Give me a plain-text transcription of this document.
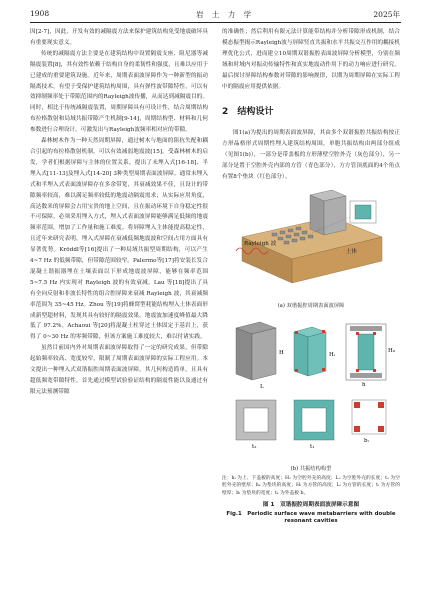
1908	岩 土 力 学	2025年

因[2-7]，因此，开发有效的减隔震方法来保护建筑结构免受地震破坏具有重要现实意义。

传统的减隔震方法主要是在建筑结构中设置隔震支座、阻尼器等减隔震装置[8]，其有效性依赖于结构自身的柔韧性和强度，且难以应用于已建成的重要建筑设施。近年来，周期表面波屏障作为一种新型的振动隔离技术，有望于受保护建筑结构周围，具有弹性波带隙特性，可以有效抑制频率处于带隙范围内的Rayleigh波传播，从而达到减隔震目的。同时，相比于传统减隔震装置，周期屏障具有可设计性，结合周期结构布拉格散射和局域共振带隙产生机制[9-14]，周期结构型、材料和几何参数进行合理设计，可激发出与Rayleigh波频率相对应的带隙。

森林树木作为一种天然周期屏障，通过树木与地面的阻抗失配和耦合引起的布拉格散射机制，可以有效减弱地震波[15]。受森林树木的启发，学者们根据屏障与主体的位置关系，提出了未埋入式[16-18]、半埋入式[11-13]及埋入式[14-20] 3种类型周期表面波屏障。通常未埋入式和半埋入式表面波屏障存在多余带宽，其衰减效果不佳，且设计的带隙频率较高，难以满足频率较低的地震动隔震需求；从实际应用角度，高达数米的屏障会占用宝贵的地上空间，且在振动环境下自身稳定性很不可保障。必须采用埋入方式，埋入式表面波屏障能够满足低频的地震频率范围，增加了工作量和施工难度。将屏障埋入主体能提高稳定性，且近年来研究表明，埋入式屏障在衰减低频地震波和空间占用方面具有显著优势。Kröddl等[16]提出了一种局域共振型周期结构，可以产生 4~7 Hz 的低频带隙，但带隙范围较窄。Palermo等[17]将安装长发合混凝土谐振器埋在土壤表面以下形成地震波屏障，能够在频率范围 5~7.5 Hz 内实现对 Rayleigh 波的有效衰减。Lau 等[18]提出了具有全向反射和非波长特性的组合腔屏障来衰减 Rayleigh 波，其衰减频率范围为 35~45 Hz。Zhou 等[19]将蜂窝型耗能结构埋入土体表面形成新型超材料，发现其具有较好的隔震效果，地震波加速度峰值最大降低了 97.2%。Achaoui 等[20]将混凝土柱穿过土体固定于基岩上，获得了 0~30 Hz 的零频带隙，但该方案施工难度较大，难以付诸实践。

虽然目前国内外对周期表面波屏障取得了一定的研究成果，但带隙起始频率较高、宽度较窄，限制了周期表面波屏障的实际工程应用。本文提出一种埋入式双谐振腔周期表面波屏障，其几何构造简单，且具有超低频宽带隙特性。首先通过模型试验验证结构的隔震性能以及通过有限元法预测带隙

的准确性；然后利用有限元法计算能带结构并分析带隙形成机制，结合模态振型揭示Rayleigh波与屏障竖直共振和水平共振交互作用的耦接机理优化公式，进而建立10周期双谐振腔表面波屏障分析模型，分别在频域和时域内对振动传输特性和真实地震动作用下的动力响应进行研究。最后探讨屏障结构参数对带隙的影响规律，以期为周期屏障在实际工程中的隔震应用提供依据。

2　结构设计

图1(a)为提出的周期表面波屏障，其由多个双谐振腔共振结构按正方形晶格形式周期性埋入建筑结构周围，单胞共振结构由两部分组成（见图1(b)），一部分是带盖板的方形薄壁空腔外壳（灰色部分），另一部分是置于空腔外壳内部的方管（青色部分），方方管顶底面的4个角点有置8个垫块（红色部分）。

Rayleigh 波
土体
(a) 双谐振腔周期表面波屏障
H
L
Hᵢ
H₀
h
t₂	t₁
bᵢ
(b) 共振结构构型

注：hᵢ 为上、下盖板的高度；Hₒ 为空腔外壳的高度；Lₒ 为空腔外壳的长度；tₒ 为空腔外壳的壁厚；hₛ 为垫块的高度；Hᵢ 为方管的高度；Lᵢ 为方管的长度；tᵢ 为方管的壁厚；bᵢ 为垫块的宽度；tₛ 为外盖板 b。

图 1　双谐振腔周期表面波屏障示意图
Fig.1　Periodic surface wave metabarriers with double resonant cavities
